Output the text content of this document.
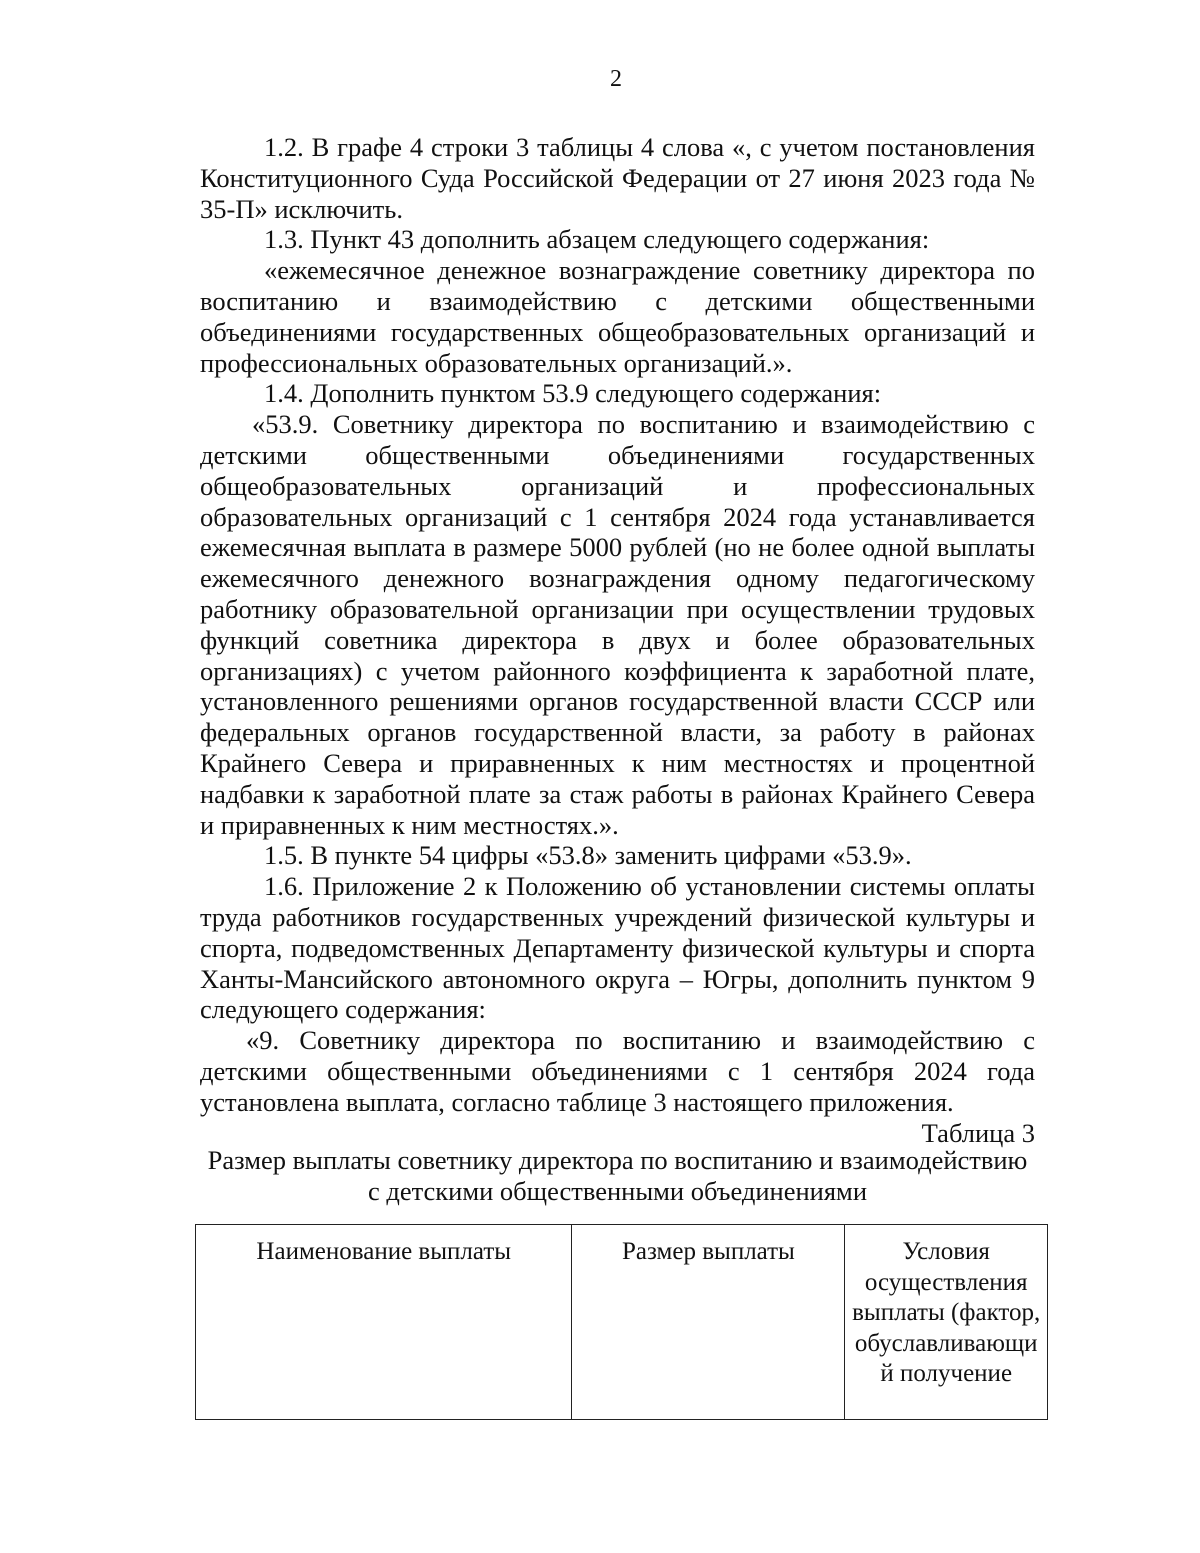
2

1.2. В графе 4 строки 3 таблицы 4 слова «, с учетом постановления Конституционного Суда Российской Федерации от 27 июня 2023 года № 35-П» исключить.

1.3. Пункт 43 дополнить абзацем следующего содержания:

«ежемесячное денежное вознаграждение советнику директора по воспитанию и взаимодействию с детскими общественными объединениями государственных общеобразовательных организаций и профессиональных образовательных организаций.».

1.4. Дополнить пунктом 53.9 следующего содержания:

«53.9. Советнику директора по воспитанию и взаимодействию с детскими общественными объединениями государственных общеобразовательных организаций и профессиональных образовательных организаций с 1 сентября 2024 года устанавливается ежемесячная выплата в размере 5000 рублей (но не более одной выплаты ежемесячного денежного вознаграждения одному педагогическому работнику образовательной организации при осуществлении трудовых функций советника директора в двух и более образовательных организациях) с учетом районного коэффициента к заработной плате, установленного решениями органов государственной власти СССР или федеральных органов государственной власти, за работу в районах Крайнего Севера и приравненных к ним местностях и процентной надбавки к заработной плате за стаж работы в районах Крайнего Севера и приравненных к ним местностях.».

1.5. В пункте 54 цифры «53.8» заменить цифрами «53.9».

1.6. Приложение 2 к Положению об установлении системы оплаты труда работников государственных учреждений физической культуры и спорта, подведомственных Департаменту физической культуры и спорта Ханты-Мансийского автономного округа – Югры, дополнить пунктом 9 следующего содержания:

«9. Советнику директора по воспитанию и взаимодействию с детскими общественными объединениями с 1 сентября 2024 года установлена выплата, согласно таблице 3 настоящего приложения.

Таблица 3

Размер выплаты советнику директора по воспитанию и взаимодействию

с детскими общественными объединениями

Наименование выплаты	Размер выплаты	Условия осуществления выплаты (фактор, обуславливающи й получение
